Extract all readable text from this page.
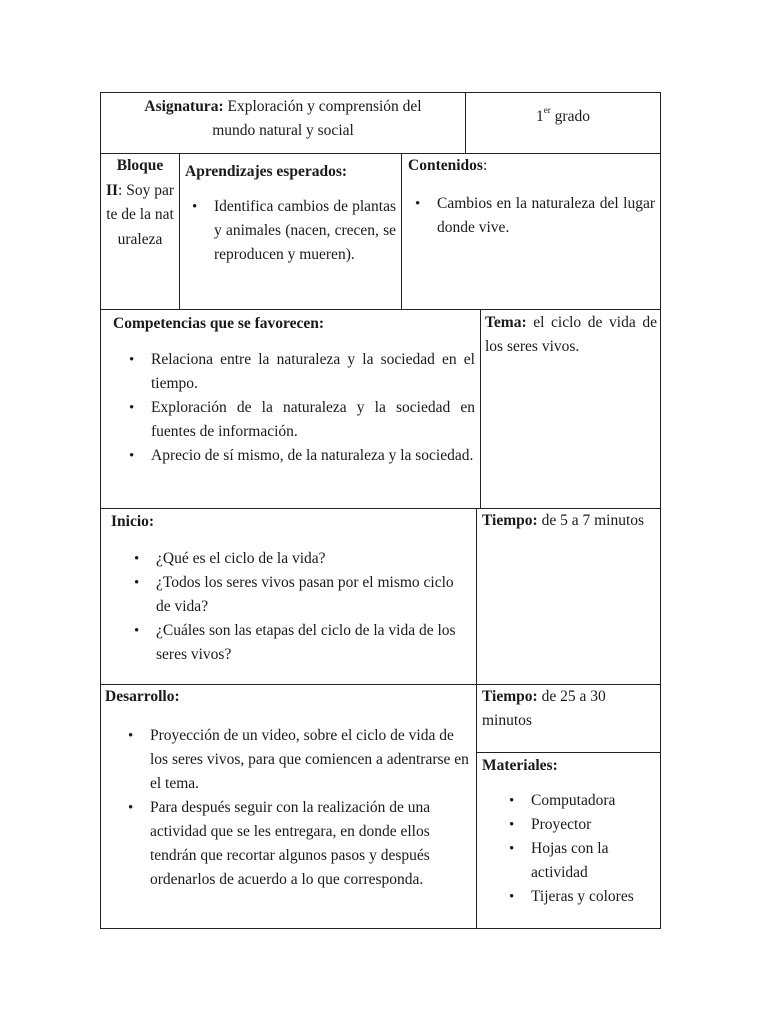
Asignatura: Exploración y comprensión del
mundo natural y social
1er grado
Bloque
II: Soy parte de la naturaleza
Aprendizajes esperados:
• Identifica cambios de plantas y animales (nacen, crecen, se reproducen y mueren).
Contenidos:
• Cambios en la naturaleza del lugar donde vive.
Competencias que se favorecen:
• Relaciona entre la naturaleza y la sociedad en el tiempo.
• Exploración de la naturaleza y la sociedad en fuentes de información.
• Aprecio de sí mismo, de la naturaleza y la sociedad.
Tema: el ciclo de vida de los seres vivos.
Inicio:
• ¿Qué es el ciclo de la vida?
• ¿Todos los seres vivos pasan por el mismo ciclo de vida?
• ¿Cuáles son las etapas del ciclo de la vida de los seres vivos?
Tiempo: de 5 a 7 minutos
Desarrollo:
• Proyección de un video, sobre el ciclo de vida de los seres vivos, para que comiencen a adentrarse en el tema.
• Para después seguir con la realización de una actividad que se les entregara, en donde ellos tendrán que recortar algunos pasos y después ordenarlos de acuerdo a lo que corresponda.
Tiempo: de 25 a 30 minutos
Materiales:
• Computadora
• Proyector
• Hojas con la actividad
• Tijeras y colores
